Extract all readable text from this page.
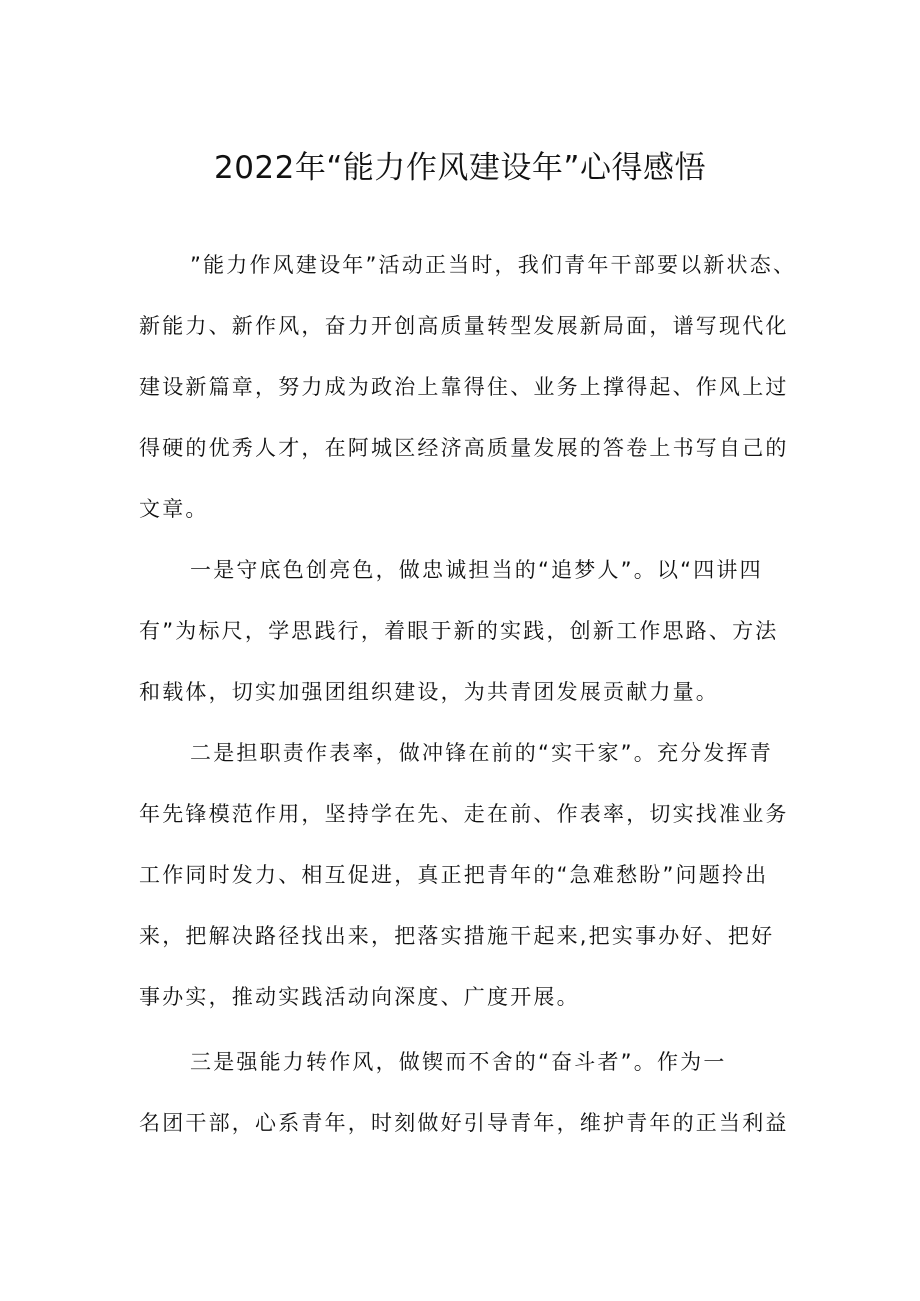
2022年“能力作风建设年”心得感悟
”能力作风建设年”活动正当时，我们青年干部要以新状态、
新能力、新作风，奋力开创高质量转型发展新局面，谱写现代化
建设新篇章，努力成为政治上靠得住、业务上撑得起、作风上过
得硬的优秀人才，在阿城区经济高质量发展的答卷上书写自己的
文章。
一是守底色创亮色，做忠诚担当的“追梦人”。以“四讲四
有”为标尺，学思践行，着眼于新的实践，创新工作思路、方法
和载体，切实加强团组织建设，为共青团发展贡献力量。
二是担职责作表率，做冲锋在前的“实干家”。充分发挥青
年先锋模范作用，坚持学在先、走在前、作表率，切实找准业务
工作同时发力、相互促进，真正把青年的“急难愁盼”问题拎出
来，把解决路径找出来，把落实措施干起来,把实事办好、把好
事办实，推动实践活动向深度、广度开展。
三是强能力转作风，做锲而不舍的“奋斗者”。作为一
名团干部，心系青年，时刻做好引导青年，维护青年的正当利益
